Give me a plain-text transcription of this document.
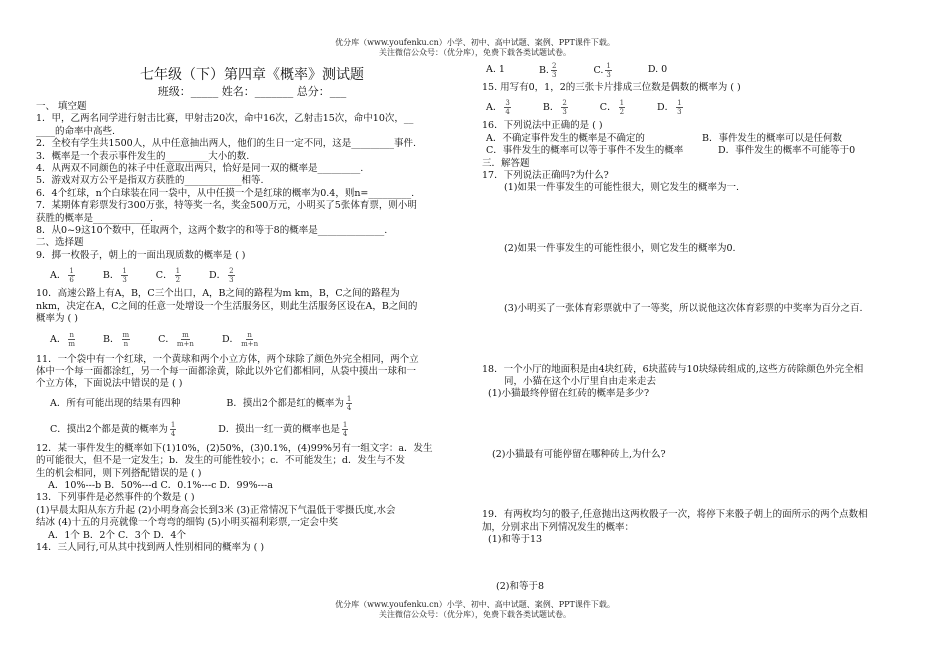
优分库（www.youfenku.cn）小学、初中、高中试题、案例、PPT课件下载。
关注微信公众号：（优分库），免费下载各类试题试卷。
七年级（下）第四章《概率》测试题
班级：_____ 姓名：_______ 总分：___
一、 填空题
1．甲，乙两名同学进行射击比赛，甲射击20次，命中16次，乙射击15次，命中10次，__
____的命率中高些.
2．全校有学生共1500人，从中任意抽出两人，他们的生日一定不同，这是_________事件.
3．概率是一个表示事件发生的_________大小的数.
4．从两双不同颜色的袜子中任意取出两只，恰好是同一双的概率是_________.
5．游戏对双方公平是指双方获胜的____________相等.
6．4个红球，n个白球装在同一袋中，从中任摸一个是红球的概率为0.4，则n=_________.
7．某期体育彩票发行300万张，特等奖一名，奖金500万元，小明买了5张体育票，则小明
获胜的概率是____________.
8．从0~9这10个数中，任取两个，这两个数字的和等于8的概率是______________.
二、选择题
9．掷一枚骰子，朝上的一面出现质数的概率是 ( )
A． $\frac{1}{6}$	B． $\frac{1}{3}$	C． $\frac{1}{2}$	D． $\frac{2}{3}$
10．高速公路上有A，B，C三个出口，A，B之间的路程为m km，B，C之间的路程为
nkm，决定在A，C之间的任意一处增设一个生活服务区，则此生活服务区设在A，B之间的
概率为 ( )
A． $\frac{n}{m}$	B． $\frac{m}{n}$	C． $\frac{m}{m+n}$	D． $\frac{n}{m+n}$
11．一个袋中有一个红球，一个黄球和两个小立方体，两个球除了颜色外完全相同，两个立
体中一个每一面都涂红，另一个每一面都涂黄，除此以外它们都相同，从袋中摸出一球和一
个立方体，下面说法中错误的是 ( )
A．所有可能出现的结果有四种	B．摸出2个都是红的概率为 $\frac{1}{4}$
C．摸出2个都是黄的概率为 $\frac{1}{4}$	D．摸出一红一黄的概率也是 $\frac{1}{4}$
12．某一事件发生的概率如下(1)10%，(2)50%，(3)0.1%，(4)99%另有一组文字：a．发生
的可能很大，但不是一定发生；b．发生的可能性较小；c．不可能发生；d．发生与不发
生的机会相同，则下列搭配错误的是 ( )
A．10%---b B．50%---d C．0.1%---c D．99%---a
13．下列事件是必然事件的个数是 ( )
(1)早晨太阳从东方升起 (2)小明身高会长到3米 (3)正常情况下气温低于零摄氏度,水会
结冰 (4)十五的月亮就像一个弯弯的细钩 (5)小明买福利彩票,一定会中奖
A．1个 B．2个 C．3个 D．4个
14．三人同行,可从其中找到两人性别相同的概率为 ( )
A. 1	B. $\frac{2}{3}$	C. $\frac{1}{3}$	D. 0
15. 用写有0，1，2的三张卡片排成三位数是偶数的概率为 ( )
A． $\frac{3}{4}$	B． $\frac{2}{3}$	C． $\frac{1}{2}$	D． $\frac{1}{3}$
16．下列说法中正确的是 ( )
A．不确定事件发生的概率是不确定的	B．事件发生的概率可以是任何数
C．事件发生的概率可以等于事件不发生的概率	D．事件发生的概率不可能等于0
三．解答题
17．下列说法正确吗?为什么?
(1)如果一件事发生的可能性很大，则它发生的概率为一.
(2)如果一件事发生的可能性很小，则它发生的概率为0.
(3)小明买了一张体育彩票就中了一等奖，所以说他这次体育彩票的中奖率为百分之百.
18．一个小厅的地面积是由4块红砖，6块蓝砖与10块绿砖组成的,这些方砖除颜色外完全相
同，小猫在这个小厅里自由走来走去
(1)小猫最终停留在红砖的概率是多少?
(2)小猫最有可能停留在哪种砖上,为什么?
19．有两枚均匀的骰子,任意抛出这两枚骰子一次，将停下来骰子朝上的面所示的两个点数相
加，分别求出下列情况发生的概率：
(1)和等于13
(2)和等于8
优分库（www.youfenku.cn）小学、初中、高中试题、案例、PPT课件下载。
关注微信公众号：（优分库），免费下载各类试题试卷。
